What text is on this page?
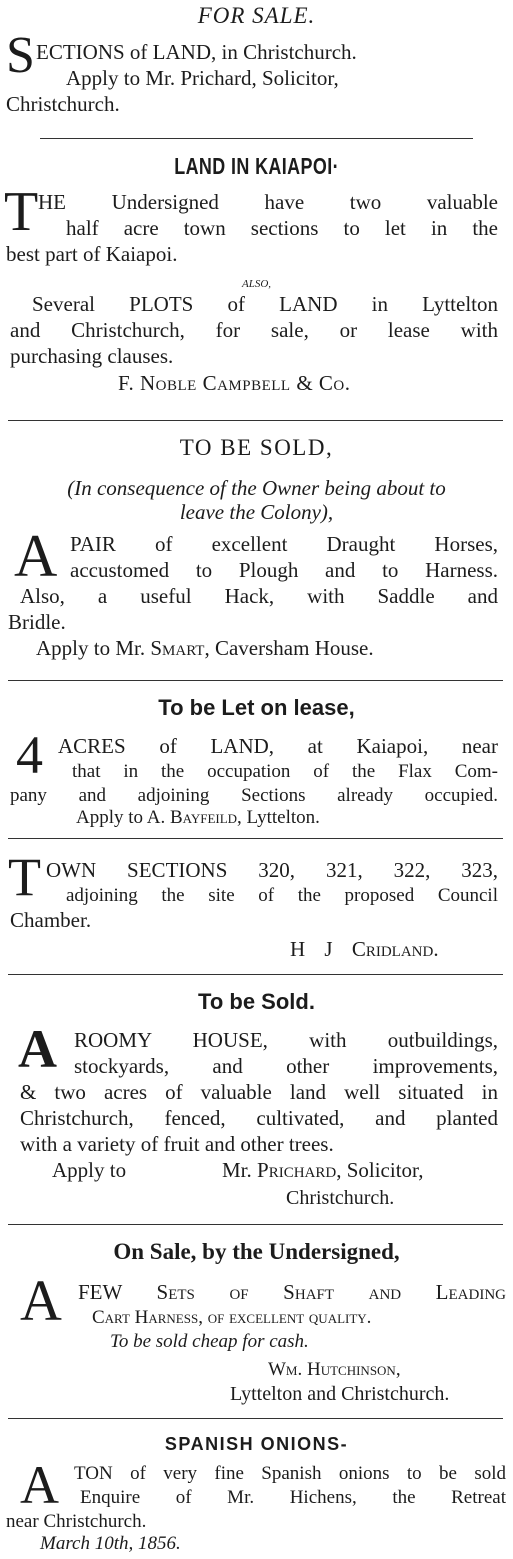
FOR SALE.
S ECTIONS of LAND, in Christchurch.
Apply to Mr. Prichard, Solicitor,
Christchurch.
LAND IN KAIAPOI·
T HE Undersigned have two valuable
half acre town sections to let in the
best part of Kaiapoi.
ALSO,
Several PLOTS of LAND in Lyttelton
and Christchurch, for sale, or lease with
purchasing clauses.
F. Noble Campbell & Co.
TO BE SOLD,
(In consequence of the Owner being about to
leave the Colony),
A PAIR of excellent Draught Horses,
accustomed to Plough and to Harness.
Also, a useful Hack, with Saddle and
Bridle.
Apply to Mr. Smart, Caversham House.
To be Let on lease,
4 ACRES of LAND, at Kaiapoi, near
that in the occupation of the Flax Com-
pany and adjoining Sections already occupied.
Apply to A. Bayfeild, Lyttelton.
T OWN SECTIONS 320, 321, 322, 323,
adjoining the site of the proposed Council
Chamber.
H J Cridland.
To be Sold.
A ROOMY HOUSE, with outbuildings,
stockyards, and other improvements,
& two acres of valuable land well situated in
Christchurch, fenced, cultivated, and planted
with a variety of fruit and other trees.
Apply to	Mr. Prichard, Solicitor,
Christchurch.
On Sale, by the Undersigned,
A FEW Sets of Shaft and Leading
Cart Harness, of excellent quality.
To be sold cheap for cash.
Wm. Hutchinson,
Lyttelton and Christchurch.
SPANISH ONIONS-
A TON of very fine Spanish onions to be sold
Enquire of Mr. Hichens, the Retreat
near Christchurch.
March 10th, 1856.
